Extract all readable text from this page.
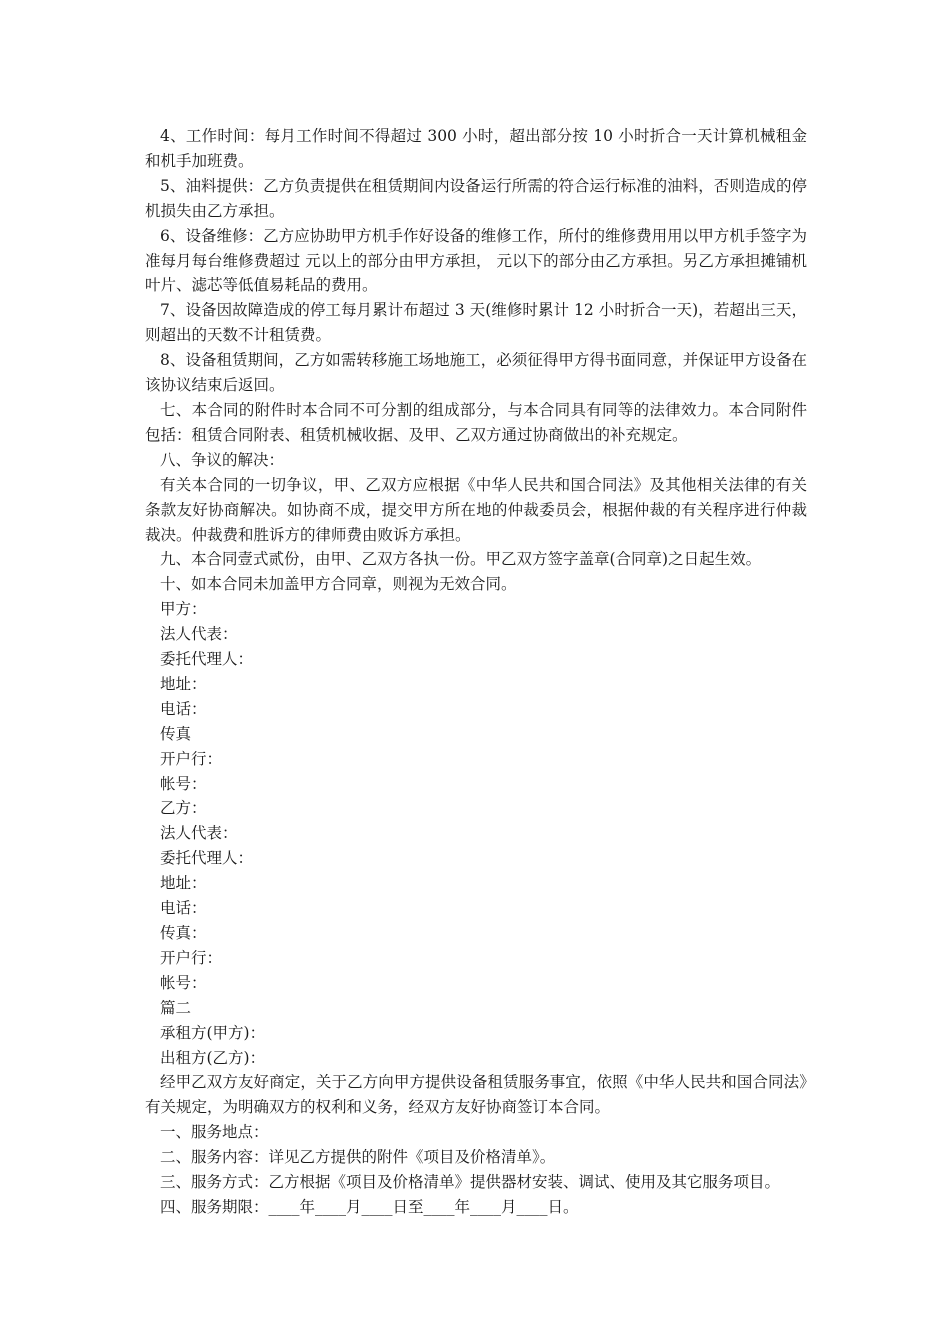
4、工作时间：每月工作时间不得超过 300 小时，超出部分按 10 小时折合一天计算机械租金和机手加班费。

5、油料提供：乙方负责提供在租赁期间内设备运行所需的符合运行标准的油料，否则造成的停机损失由乙方承担。

6、设备维修：乙方应协助甲方机手作好设备的维修工作，所付的维修费用用以甲方机手签字为准每月每台维修费超过 元以上的部分由甲方承担， 元以下的部分由乙方承担。另乙方承担摊铺机叶片、滤芯等低值易耗品的费用。

7、设备因故障造成的停工每月累计布超过 3 天(维修时累计 12 小时折合一天)，若超出三天，则超出的天数不计租赁费。

8、设备租赁期间，乙方如需转移施工场地施工，必须征得甲方得书面同意，并保证甲方设备在该协议结束后返回。

七、本合同的附件时本合同不可分割的组成部分，与本合同具有同等的法律效力。本合同附件包括：租赁合同附表、租赁机械收据、及甲、乙双方通过协商做出的补充规定。

八、争议的解决：

有关本合同的一切争议，甲、乙双方应根据《中华人民共和国合同法》及其他相关法律的有关条款友好协商解决。如协商不成，提交甲方所在地的仲裁委员会，根据仲裁的有关程序进行仲裁裁决。仲裁费和胜诉方的律师费由败诉方承担。

九、本合同壹式贰份，由甲、乙双方各执一份。甲乙双方签字盖章(合同章)之日起生效。

十、如本合同未加盖甲方合同章，则视为无效合同。

甲方：

法人代表：

委托代理人：

地址：

电话：

传真

开户行：

帐号：

乙方：

法人代表：

委托代理人：

地址：

电话：

传真：

开户行：

帐号：

篇二

承租方(甲方)：

出租方(乙方)：

经甲乙双方友好商定，关于乙方向甲方提供设备租赁服务事宜，依照《中华人民共和国合同法》有关规定，为明确双方的权利和义务，经双方友好协商签订本合同。

一、服务地点：

二、服务内容：详见乙方提供的附件《项目及价格清单》。

三、服务方式：乙方根据《项目及价格清单》提供器材安装、调试、使用及其它服务项目。

四、服务期限：____年____月____日至____年____月____日。
